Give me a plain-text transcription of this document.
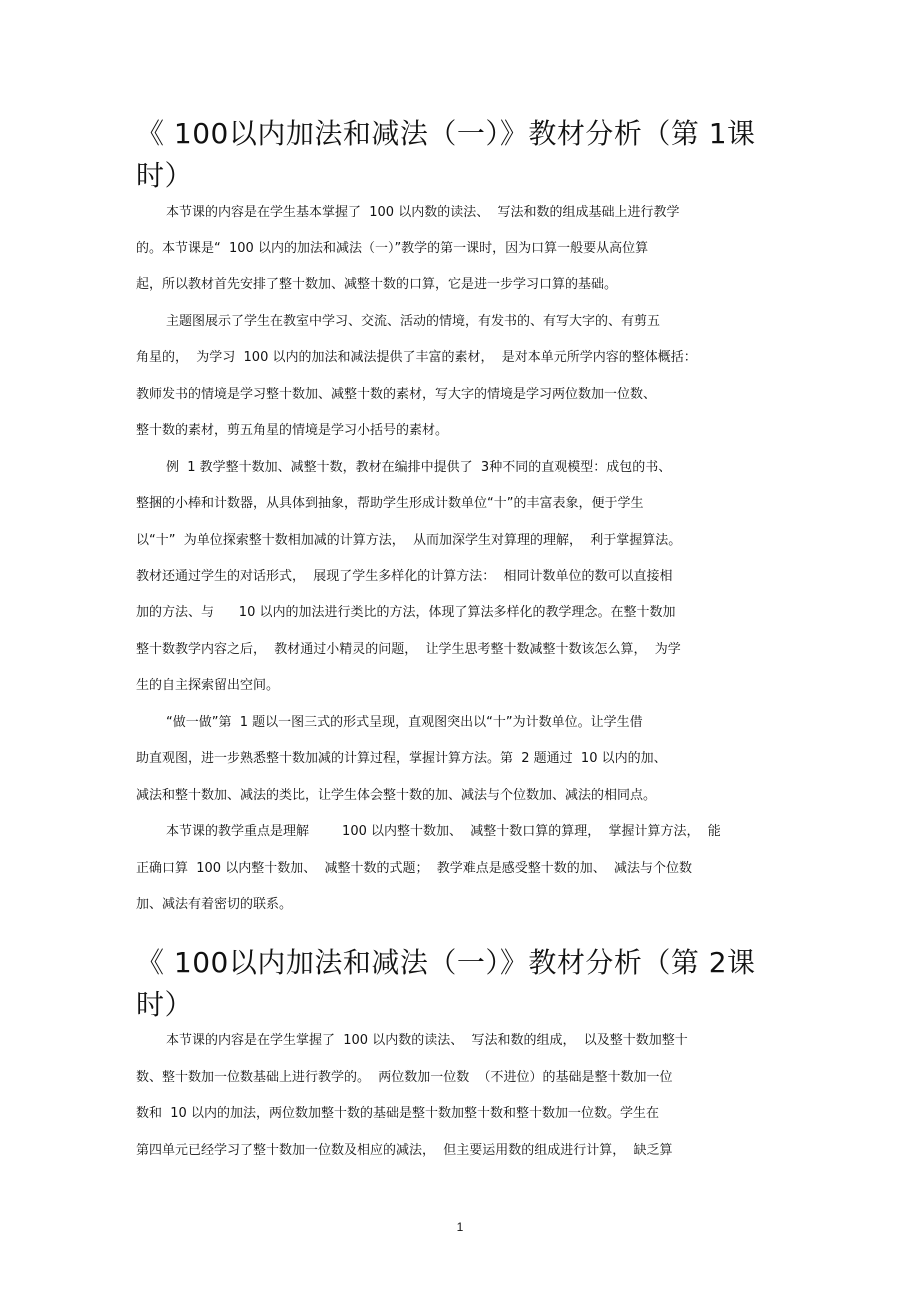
《 100以内加法和减法（一）》教材分析（第 1课时）

本节课的内容是在学生基本掌握了  100 以内数的读法、  写法和数的组成基础上进行教学

的。本节课是“  100 以内的加法和减法（一）”教学的第一课时，因为口算一般要从高位算

起，所以教材首先安排了整十数加、减整十数的口算，它是进一步学习口算的基础。

主题图展示了学生在教室中学习、交流、活动的情境，有发书的、有写大字的、有剪五

角星的，  为学习  100 以内的加法和减法提供了丰富的素材，  是对本单元所学内容的整体概括：

教师发书的情境是学习整十数加、减整十数的素材，写大字的情境是学习两位数加一位数、

整十数的素材，剪五角星的情境是学习小括号的素材。

例  1 教学整十数加、减整十数，教材在编排中提供了  3种不同的直观模型：成包的书、

整捆的小棒和计数器，从具体到抽象，帮助学生形成计数单位“十”的丰富表象，便于学生

以“十”  为单位探索整十数相加减的计算方法，  从而加深学生对算理的理解，  利于掌握算法。

教材还通过学生的对话形式，  展现了学生多样化的计算方法：  相同计数单位的数可以直接相

加的方法、与      10 以内的加法进行类比的方法，体现了算法多样化的教学理念。在整十数加

整十数教学内容之后，  教材通过小精灵的问题，  让学生思考整十数减整十数该怎么算，  为学

生的自主探索留出空间。

“做一做”第  1 题以一图三式的形式呈现，直观图突出以“十”为计数单位。让学生借

助直观图，进一步熟悉整十数加减的计算过程，掌握计算方法。第  2 题通过  10 以内的加、

减法和整十数加、减法的类比，让学生体会整十数的加、减法与个位数加、减法的相同点。

本节课的教学重点是理解        100 以内整十数加、  减整十数口算的算理，  掌握计算方法，  能

正确口算  100 以内整十数加、  减整十数的式题；  教学难点是感受整十数的加、  减法与个位数

加、减法有着密切的联系。

《 100以内加法和减法（一）》教材分析（第 2课时）

本节课的内容是在学生掌握了  100 以内数的读法、  写法和数的组成，  以及整十数加整十

数、整十数加一位数基础上进行教学的。  两位数加一位数  （不进位）的基础是整十数加一位

数和  10 以内的加法，两位数加整十数的基础是整十数加整十数和整十数加一位数。学生在

第四单元已经学习了整十数加一位数及相应的减法，  但主要运用数的组成进行计算，  缺乏算

1
